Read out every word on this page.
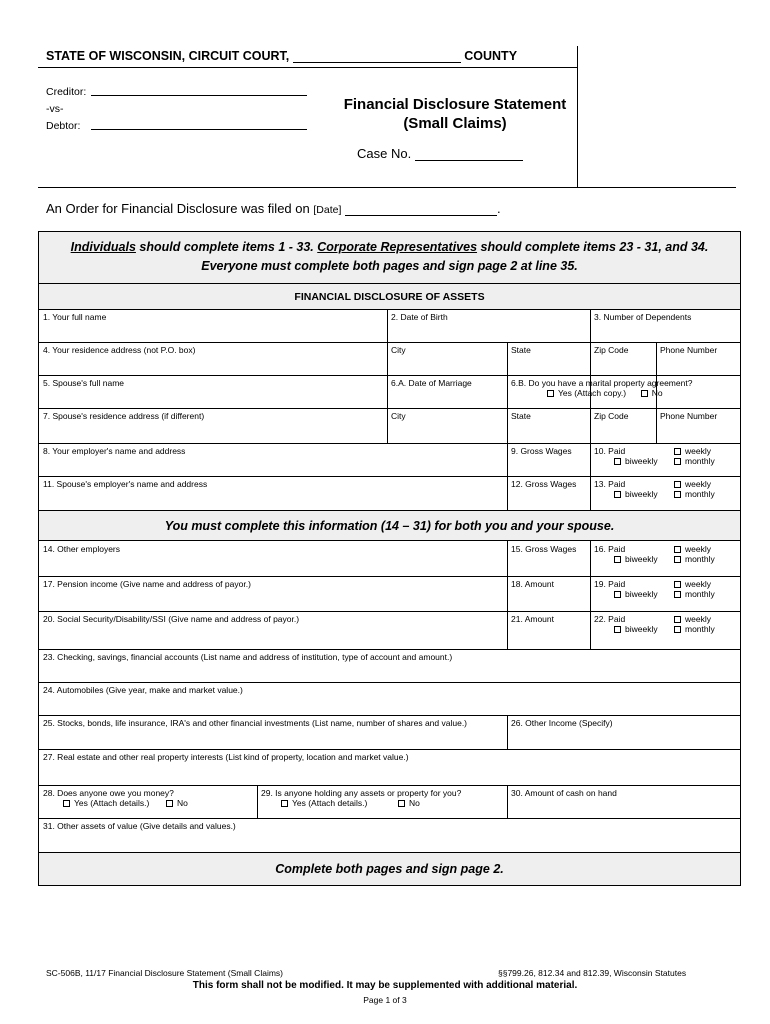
STATE OF WISCONSIN, CIRCUIT COURT,	COUNTY
Creditor:
-vs-
Debtor:
Financial Disclosure Statement
(Small Claims)
Case No.
An Order for Financial Disclosure was filed on [Date]	.
Individuals should complete items 1 - 33. Corporate Representatives should complete items 23 - 31, and 34.
Everyone must complete both pages and sign page 2 at line 35.
FINANCIAL DISCLOSURE OF ASSETS
1. Your full name	2. Date of Birth	3. Number of Dependents
4. Your residence address (not P.O. box)	City	State	Zip Code	Phone Number
5. Spouse's full name	6.A. Date of Marriage	6.B. Do you have a marital property agreement?
Yes (Attach copy.)	No
7. Spouse's residence address (if different)	City	State	Zip Code	Phone Number
8. Your employer's name and address	9. Gross Wages	10. Paid
biweekly
weekly
monthly
11. Spouse's employer's name and address	12. Gross Wages 13. Paid
biweekly
weekly
monthly
You must complete this information (14 – 31) for both you and your spouse.
14. Other employers	15. Gross Wages 16. Paid
biweekly
weekly
monthly
17. Pension income (Give name and address of payor.)	18. Amount	19. Paid
biweekly
weekly
monthly
20. Social Security/Disability/SSI (Give name and address of payor.)	21. Amount	22. Paid
biweekly
weekly
monthly
23. Checking, savings, financial accounts (List name and address of institution, type of account and amount.)
24. Automobiles (Give year, make and market value.)
25. Stocks, bonds, life insurance, IRA's and other financial investments (List name, number of shares and value.)	26. Other Income (Specify)
27. Real estate and other real property interests (List kind of property, location and market value.)
28. Does anyone owe you money?
Yes (Attach details.)	No
29. Is anyone holding any assets or property for you?
Yes (Attach details.)	No
30. Amount of cash on hand
31. Other assets of value (Give details and values.)
Complete both pages and sign page 2.
SC-506B, 11/17 Financial Disclosure Statement (Small Claims)	§§799.26, 812.34 and 812.39, Wisconsin Statutes
This form shall not be modified. It may be supplemented with additional material.
Page 1 of 3
